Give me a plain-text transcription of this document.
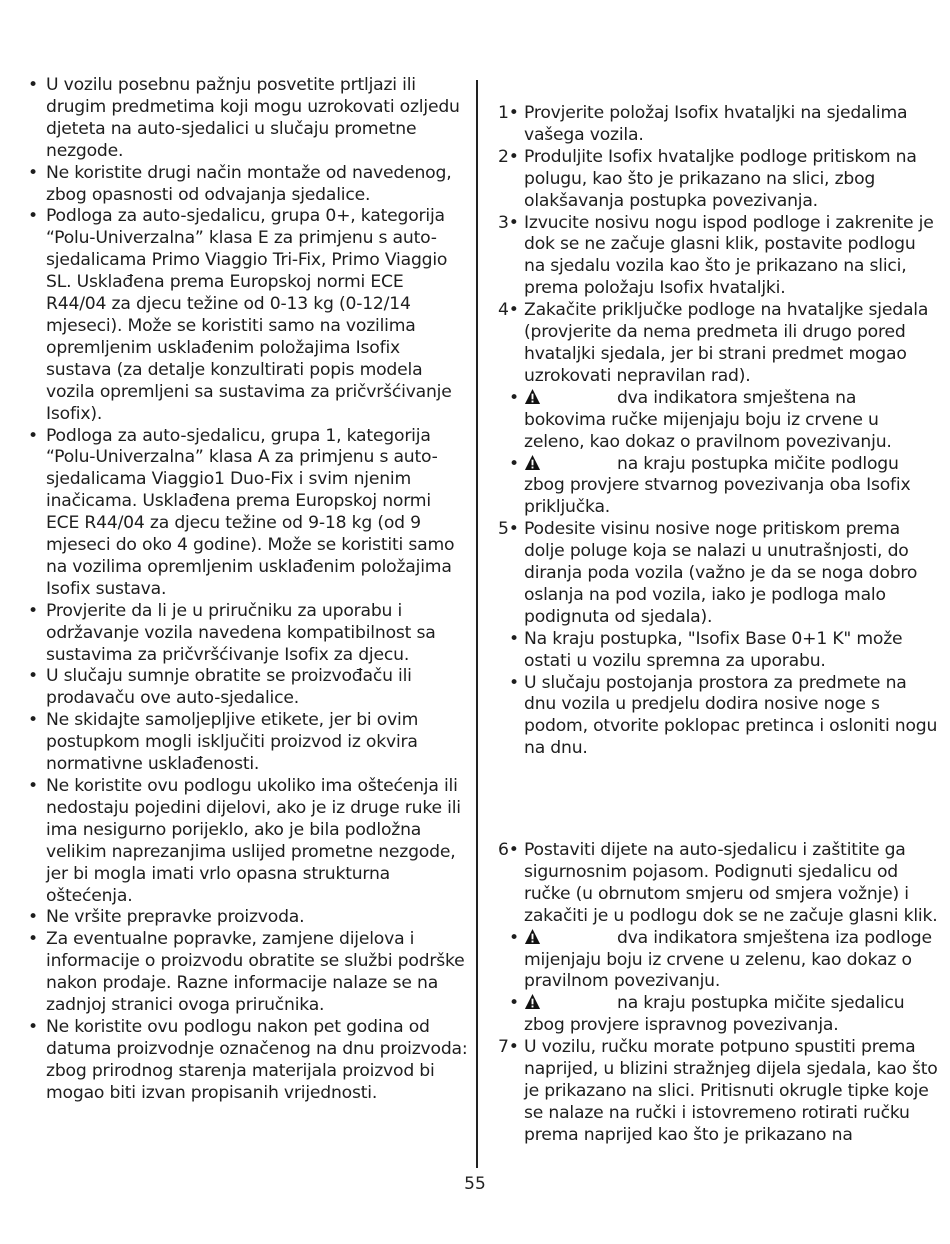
• U vozilu posebnu pažnju posvetite prtljazi ili drugim predmetima koji mogu uzrokovati ozljedu djeteta na auto-sjedalici u slučaju prometne nezgode.
• Ne koristite drugi način montaže od navedenog, zbog opasnosti od odvajanja sjedalice.
• Podloga za auto-sjedalicu, grupa 0+, kategorija “Polu-Univerzalna” klasa E za primjenu s auto-sjedalicama Primo Viaggio Tri-Fix, Primo Viaggio SL. Usklađena prema Europskoj normi ECE R44/04 za djecu težine od 0-13 kg (0-12/14 mjeseci). Može se koristiti samo na vozilima opremljenim usklađenim položajima Isofix sustava (za detalje konzultirati popis modela vozila opremljeni sa sustavima za pričvršćivanje Isofix).
• Podloga za auto-sjedalicu, grupa 1, kategorija “Polu-Univerzalna” klasa A za primjenu s auto-sjedalicama Viaggio1 Duo-Fix i svim njenim inačicama. Usklađena prema Europskoj normi ECE R44/04 za djecu težine od 9-18 kg (od 9 mjeseci do oko 4 godine). Može se koristiti samo na vozilima opremljenim usklađenim položajima Isofix sustava.
• Provjerite da li je u priručniku za uporabu i održavanje vozila navedena kompatibilnost sa sustavima za pričvršćivanje Isofix za djecu.
• U slučaju sumnje obratite se proizvođaču ili prodavaču ove auto-sjedalice.
• Ne skidajte samoljepljive etikete, jer bi ovim postupkom mogli isključiti proizvod iz okvira normativne usklađenosti.
• Ne koristite ovu podlogu ukoliko ima oštećenja ili nedostaju pojedini dijelovi, ako je iz druge ruke ili ima nesigurno porijeklo, ako je bila podložna velikim naprezanjima uslijed prometne nezgode, jer bi mogla imati vrlo opasna strukturna oštećenja.
• Ne vršite prepravke proizvoda.
• Za eventualne popravke, zamjene dijelova i informacije o proizvodu obratite se službi podrške nakon prodaje. Razne informacije nalaze se na zadnjoj stranici ovoga priručnika.
• Ne koristite ovu podlogu nakon pet godina od datuma proizvodnje označenog na dnu proizvoda: zbog prirodnog starenja materijala proizvod bi mogao biti izvan propisanih vrijednosti.
1• Provjerite položaj Isofix hvataljki na sjedalima vašega vozila.
2• Produljite Isofix hvataljke podloge pritiskom na polugu, kao što je prikazano na slici, zbog olakšavanja postupka povezivanja.
3• Izvucite nosivu nogu ispod podloge i zakrenite je dok se ne začuje glasni klik, postavite podlogu na sjedalu vozila kao što je prikazano na slici, prema položaju Isofix hvataljki.
4• Zakačite priključke podloge na hvataljke sjedala (provjerite da nema predmeta ili drugo pored hvataljki sjedala, jer bi strani predmet mogao uzrokovati nepravilan rad).
•	dva indikatora smještena na bokovima ručke mijenjaju boju iz crvene u zeleno, kao dokaz o pravilnom povezivanju.
•	na kraju postupka mičite podlogu zbog provjere stvarnog povezivanja oba Isofix priključka.
5• Podesite visinu nosive noge pritiskom prema dolje poluge koja se nalazi u unutrašnjosti, do diranja poda vozila (važno je da se noga dobro oslanja na pod vozila, iako je podloga malo podignuta od sjedala).
• Na kraju postupka, "Isofix Base 0+1 K" može ostati u vozilu spremna za uporabu.
• U slučaju postojanja prostora za predmete na dnu vozila u predjelu dodira nosive noge s podom, otvorite poklopac pretinca i osloniti nogu na dnu.
6• Postaviti dijete na auto-sjedalicu i zaštitite ga sigurnosnim pojasom. Podignuti sjedalicu od ručke (u obrnutom smjeru od smjera vožnje) i zakačiti je u podlogu dok se ne začuje glasni klik.
•	dva indikatora smještena iza podloge mijenjaju boju iz crvene u zelenu, kao dokaz o pravilnom povezivanju.
•	na kraju postupka mičite sjedalicu zbog provjere ispravnog povezivanja.
7• U vozilu, ručku morate potpuno spustiti prema naprijed, u blizini stražnjeg dijela sjedala, kao što je prikazano na slici. Pritisnuti okrugle tipke koje se nalaze na ručki i istovremeno rotirati ručku prema naprijed kao što je prikazano na
55
